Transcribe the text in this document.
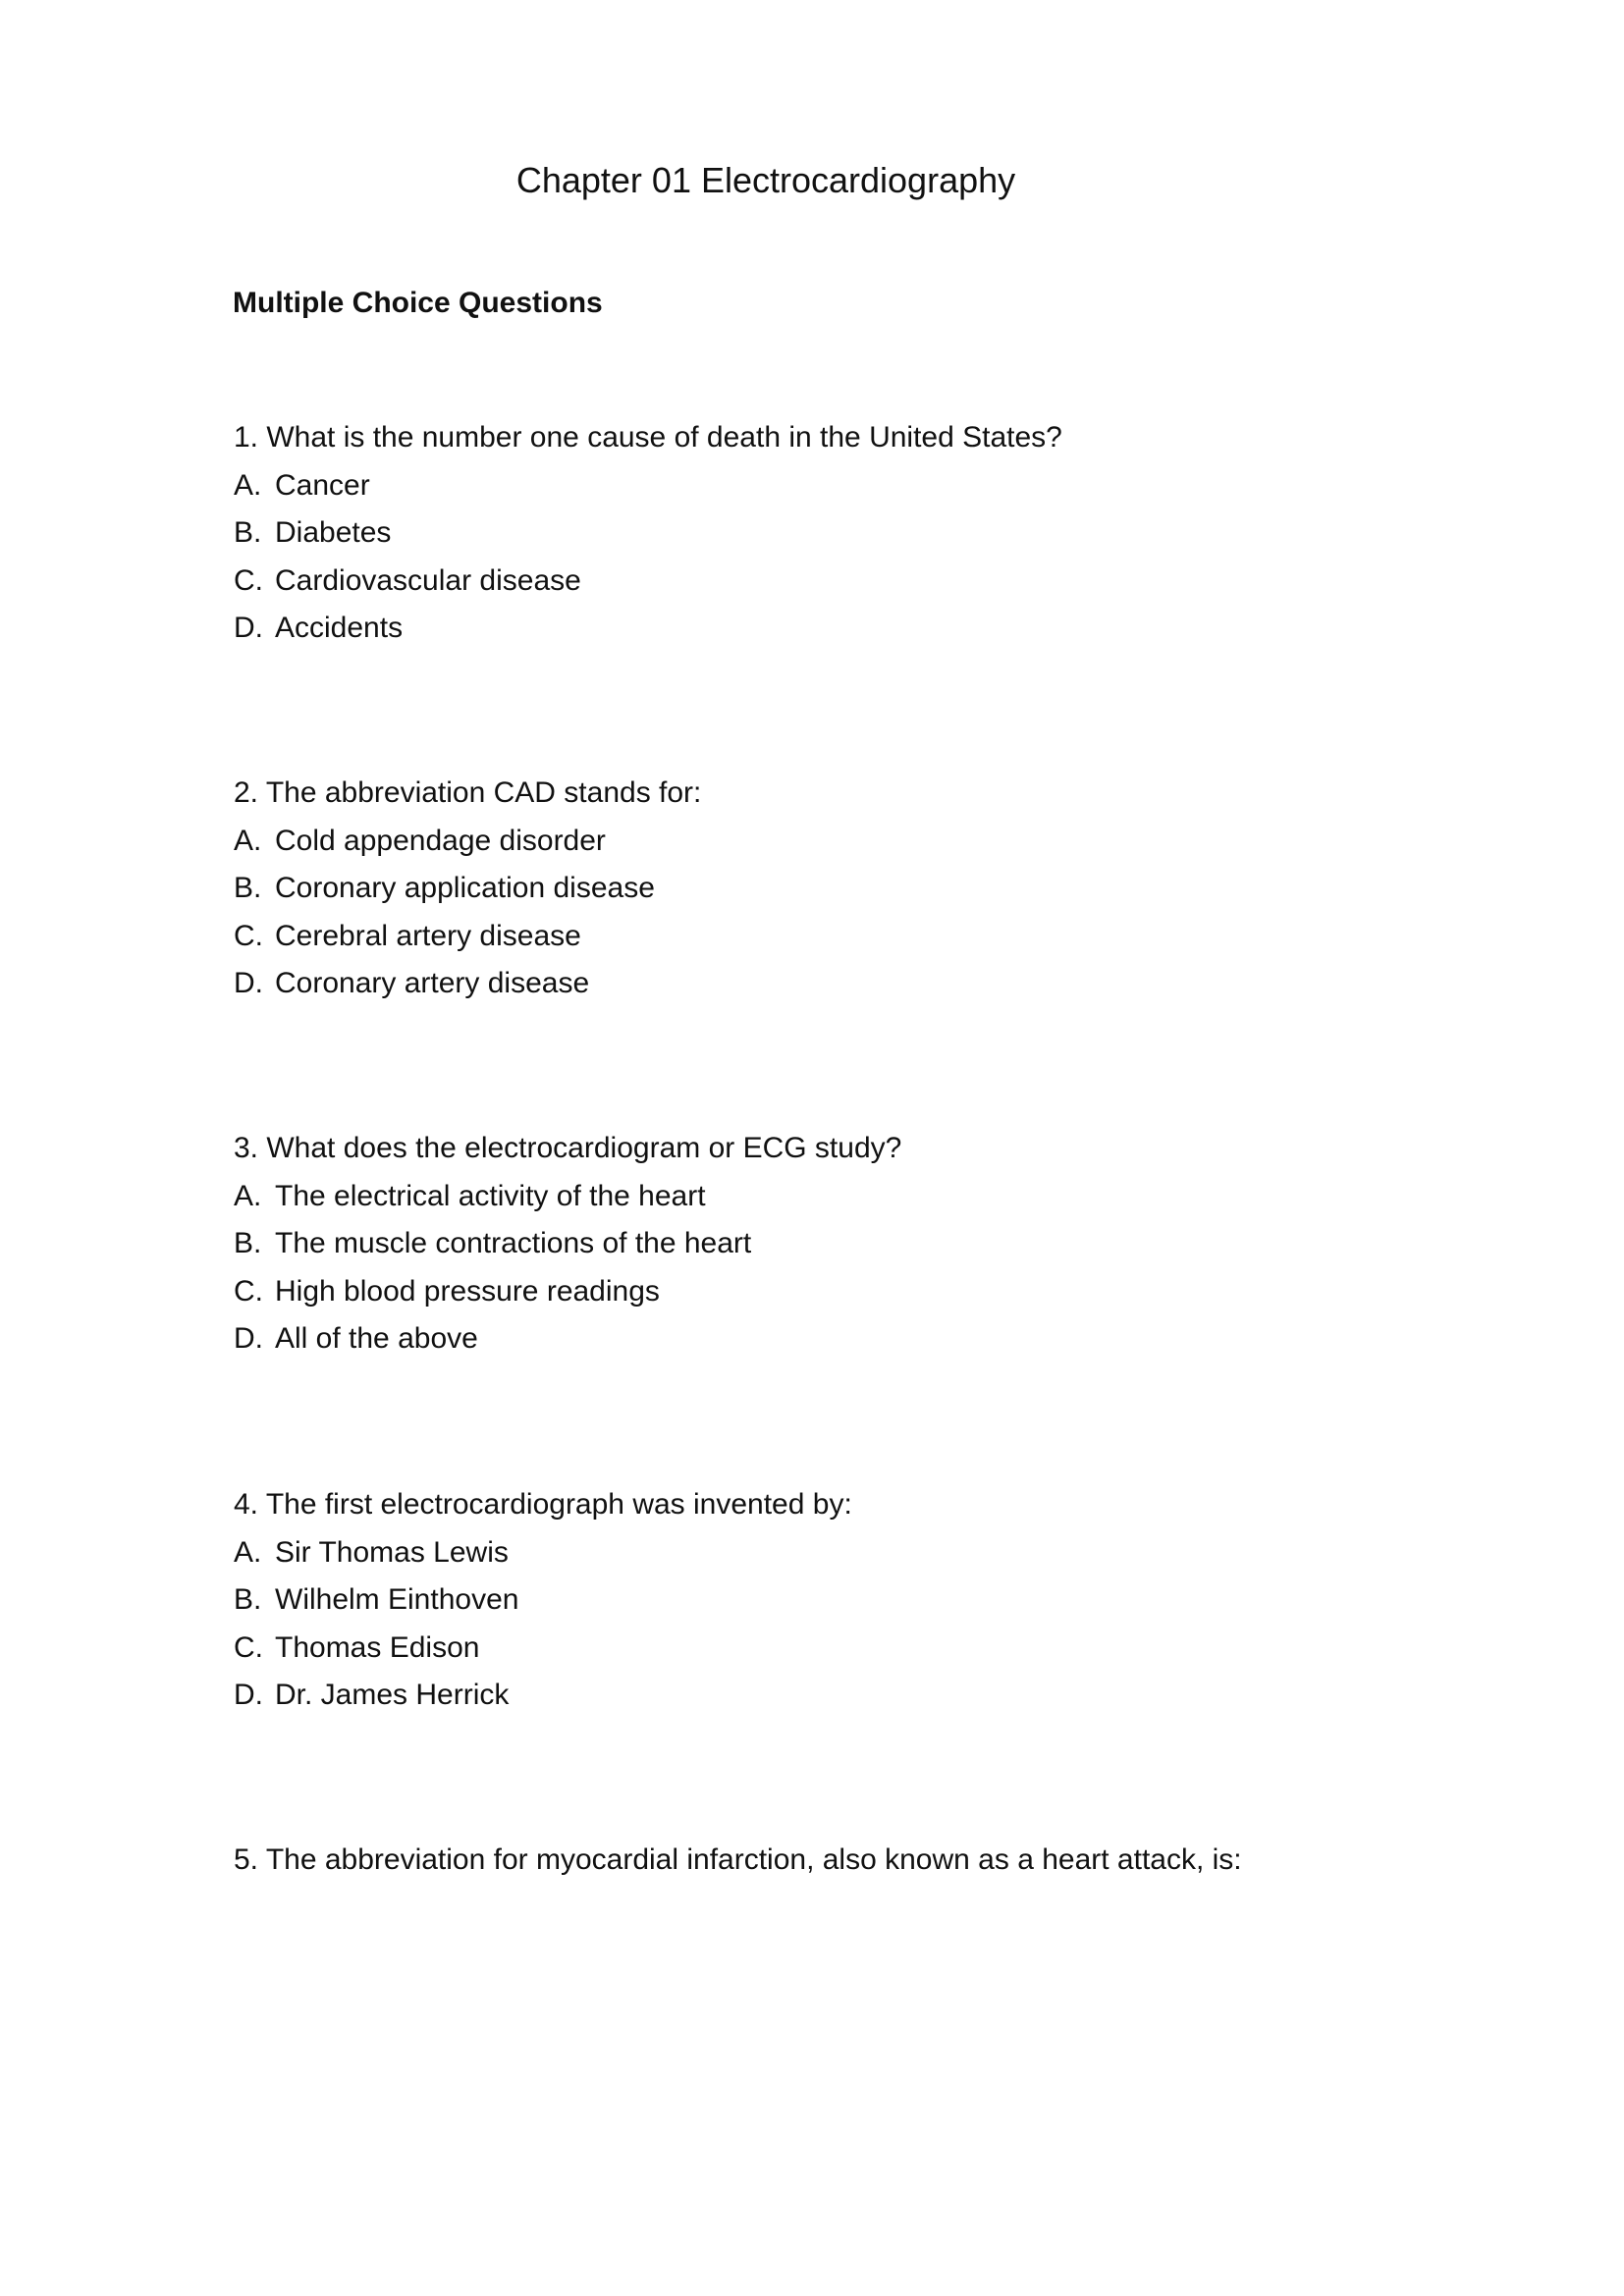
Chapter 01 Electrocardiography
Multiple Choice Questions
1. What is the number one cause of death in the United States?
A. Cancer
B. Diabetes
C. Cardiovascular disease
D. Accidents
2. The abbreviation CAD stands for:
A. Cold appendage disorder
B. Coronary application disease
C. Cerebral artery disease
D. Coronary artery disease
3. What does the electrocardiogram or ECG study?
A. The electrical activity of the heart
B. The muscle contractions of the heart
C. High blood pressure readings
D. All of the above
4. The first electrocardiograph was invented by:
A. Sir Thomas Lewis
B. Wilhelm Einthoven
C. Thomas Edison
D. Dr. James Herrick
5. The abbreviation for myocardial infarction, also known as a heart attack, is:
